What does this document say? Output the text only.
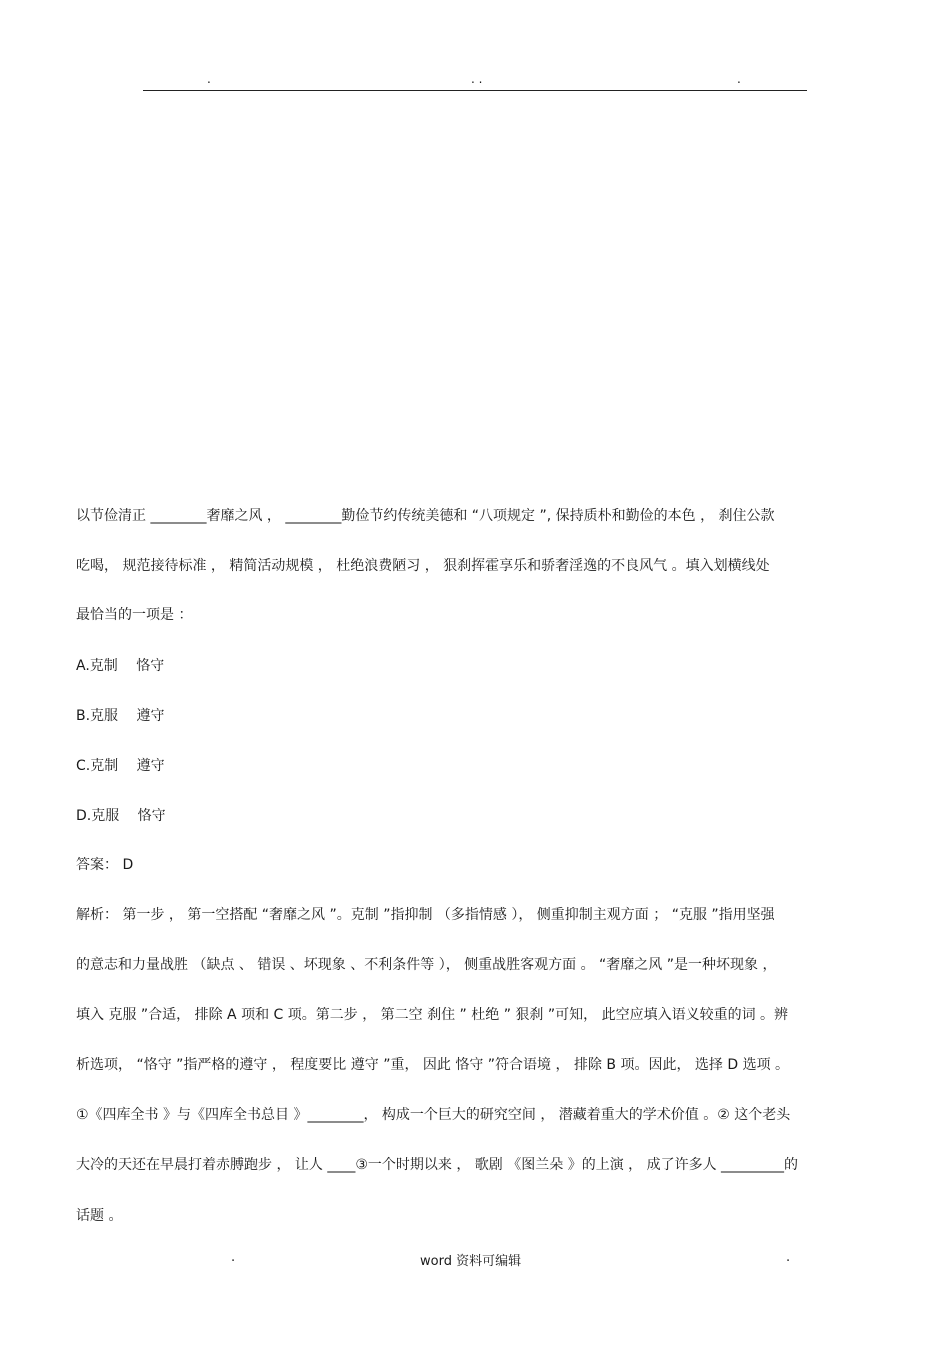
.	. .	.
以节俭清正 ________奢靡之风 ， ________勤俭节约传统美德和 “八项规定 ”, 保持质朴和勤俭的本色 ， 刹住公款
吃喝， 规范接待标准 ， 精简活动规模 ， 杜绝浪费陋习 ， 狠刹挥霍享乐和骄奢淫逸的不良风气 。填入划横线处
最恰当的一项是 ：
A.克制　 恪守
B.克服　 遵守
C.克制　 遵守
D.克服　 恪守
答案： D
解析： 第一步 ， 第一空搭配 “奢靡之风 ”。克制 ”指抑制 （多指情感 ）， 侧重抑制主观方面 ； “克服 ”指用坚强
的意志和力量战胜 （缺点 、 错误 、坏现象 、不利条件等 ）， 侧重战胜客观方面 。 “奢靡之风 ”是一种坏现象 ，
填入 克服 ”合适， 排除 A 项和 C 项。第二步 ， 第二空 刹住 ” 杜绝 ” 狠刹 ”可知， 此空应填入语义较重的词 。辨
析选项， “恪守 ”指严格的遵守 ， 程度要比 遵守 ”重， 因此 恪守 ”符合语境 ， 排除 B 项。因此， 选择 D 选项 。
①《四库全书 》与《四库全书总目 》________， 构成一个巨大的研究空间 ， 潜藏着重大的学术价值 。② 这个老头
大冷的天还在早晨打着赤膊跑步 ， 让人 ____③一个时期以来 ， 歌剧 《图兰朵 》的上演 ， 成了许多人 _________的
话题 。
.	word 资料可编辑	.
